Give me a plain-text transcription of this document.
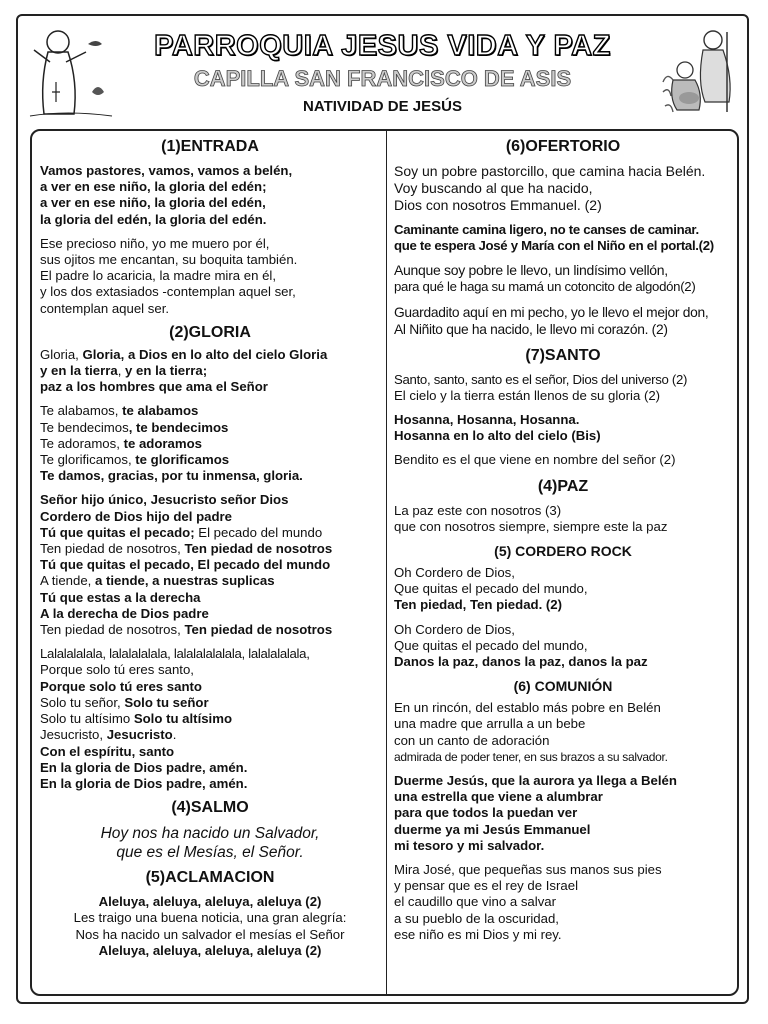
PARROQUIA JESUS VIDA Y PAZ
CAPILLA SAN FRANCISCO DE ASIS
NATIVIDAD DE JESÚS

(1)ENTRADA

Vamos pastores, vamos, vamos a belén,

a ver en ese niño, la gloria del edén;

a ver en ese niño, la gloria del edén,

la gloria del edén, la gloria del edén.

Ese precioso niño, yo me muero por él,

sus ojitos me encantan, su boquita también.

El padre lo acaricia, la madre mira en él,

y los dos extasiados -contemplan aquel ser,

contemplan aquel ser.

(2)GLORIA

Gloria, Gloria, a Dios en lo alto del cielo Gloria

y en la tierra, y en la tierra;

paz a los hombres que ama el Señor

Te alabamos, te alabamos

Te bendecimos, te bendecimos

Te adoramos, te adoramos

Te glorificamos, te glorificamos

Te damos, gracias, por tu inmensa, gloria.

Señor hijo único, Jesucristo señor Dios

Cordero de Dios hijo del padre

Tú que quitas el pecado; El pecado del mundo

Ten piedad de nosotros, Ten piedad de nosotros

Tú que quitas el pecado, El pecado del mundo

A tiende, a tiende, a nuestras suplicas

Tú que estas a la derecha

A la derecha de Dios padre

Ten piedad de nosotros, Ten piedad de nosotros

Lalalalalala, lalalalalala, lalalalalalala, lalalalalala,

Porque solo tú eres santo,

Porque solo tú eres santo

Solo tu señor, Solo tu señor

Solo tu altísimo Solo tu altísimo

Jesucristo, Jesucristo.

Con el espíritu, santo

En la gloria de Dios padre, amén.

En la gloria de Dios padre, amén.

(4)SALMO

Hoy nos ha nacido un Salvador,

que es el Mesías, el Señor.

(5)ACLAMACION

Aleluya, aleluya, aleluya, aleluya (2)

Les traigo una buena noticia, una gran alegría:

Nos ha nacido un salvador el mesías el Señor

Aleluya, aleluya, aleluya, aleluya (2)

(6)OFERTORIO

Soy un pobre pastorcillo, que camina hacia Belén.

Voy buscando al que ha nacido,

Dios con nosotros Emmanuel. (2)

Caminante camina ligero, no te canses de caminar.

que te espera José y María con el Niño en el portal.(2)

Aunque soy pobre le llevo, un lindísimo vellón,

para qué le haga su mamá un cotoncito de algodón(2)

Guardadito aquí en mi pecho, yo le llevo el mejor don,

Al Niñito que ha nacido, le llevo mi corazón. (2)

(7)SANTO

Santo, santo, santo es el señor, Dios del universo (2)

El cielo y la tierra están llenos de su gloria (2)

Hosanna, Hosanna, Hosanna.

Hosanna en lo alto del cielo (Bis)

Bendito es el que viene en nombre del señor (2)

(4)PAZ

La paz este con nosotros (3)

que con nosotros siempre, siempre este la paz

(5) CORDERO ROCK

Oh Cordero de Dios,

Que quitas el pecado del mundo,

Ten piedad, Ten piedad. (2)

Oh Cordero de Dios,

Que quitas el pecado del mundo,

Danos la paz, danos la paz, danos la paz

(6) COMUNIÓN

En un rincón, del establo más pobre en Belén

una madre que arrulla a un bebe

con un canto de adoración

admirada de poder tener, en sus brazos a su salvador.

Duerme Jesús, que la aurora ya llega a Belén

una estrella que viene a alumbrar

para que todos la puedan ver

duerme ya mi Jesús Emmanuel

mi tesoro y mi salvador.

Mira José, que pequeñas sus manos sus pies

y pensar que es el rey de Israel

el caudillo que vino a salvar

a su pueblo de la oscuridad,

ese niño es mi Dios y mi rey.
